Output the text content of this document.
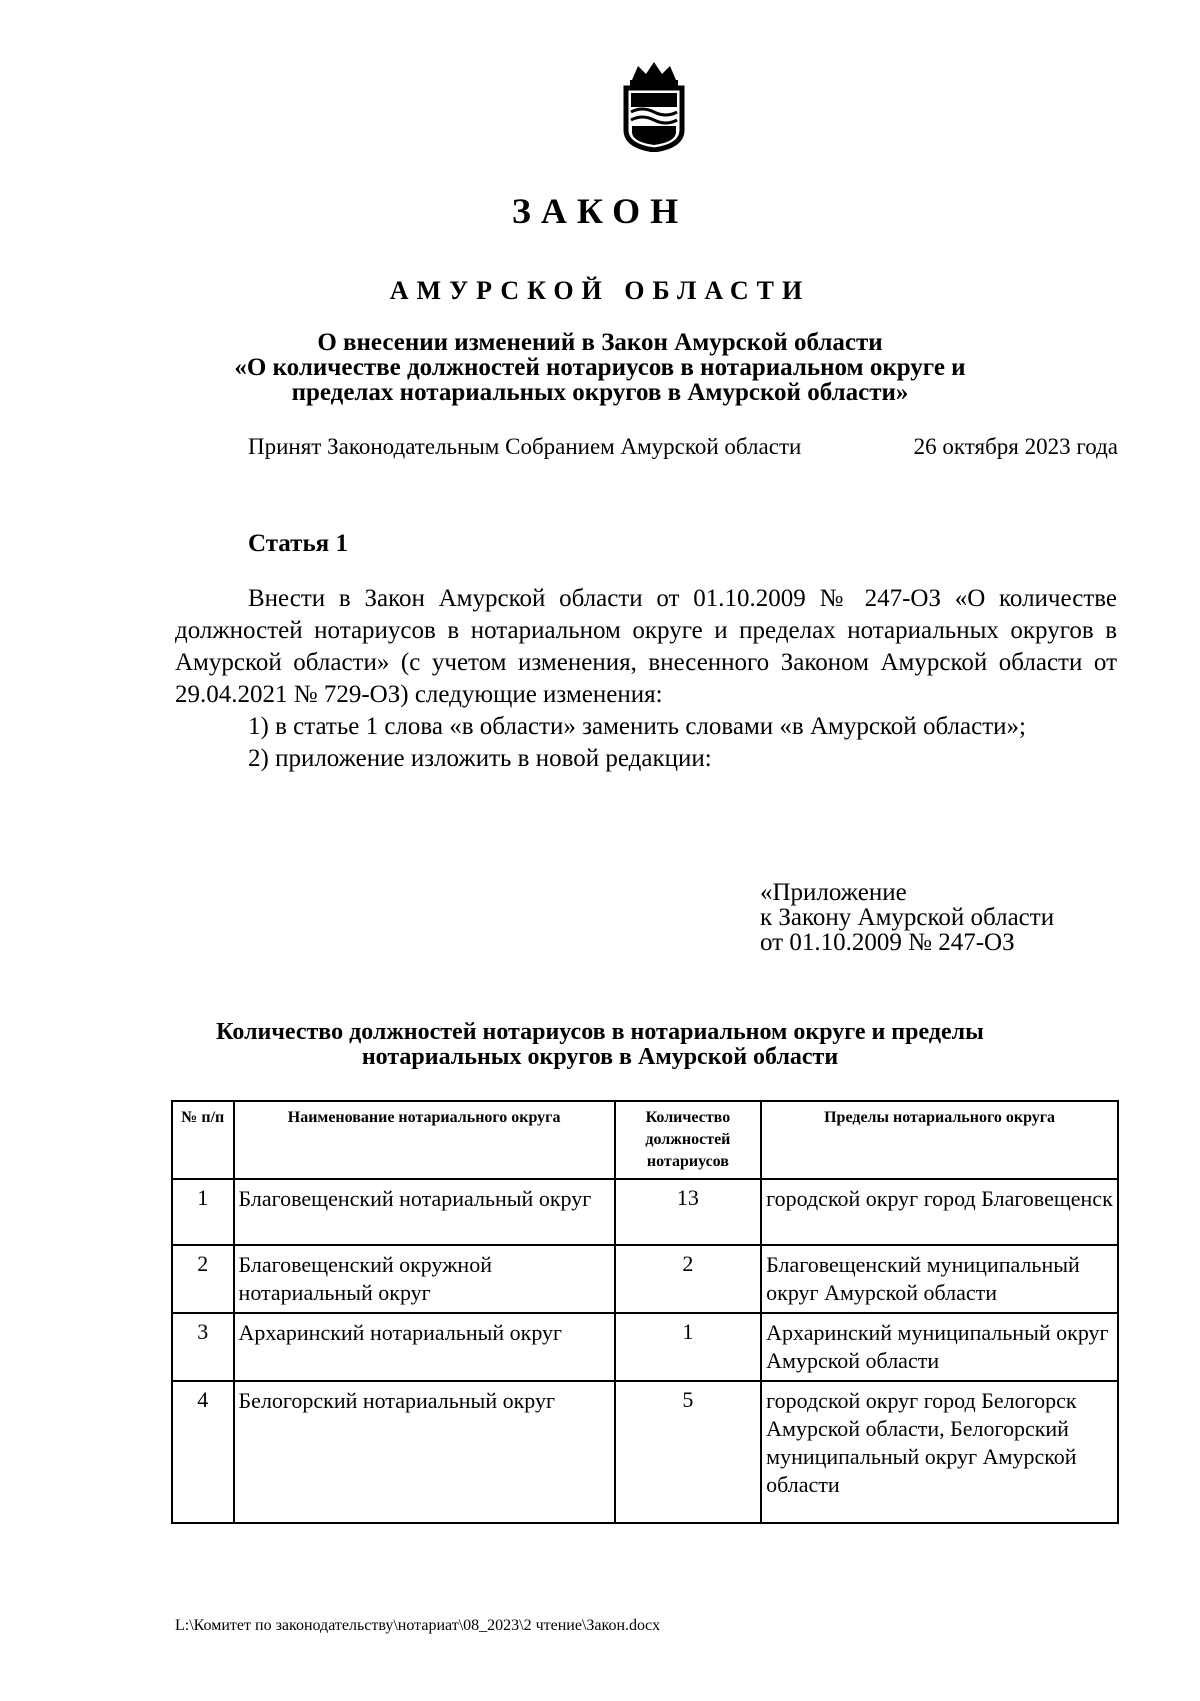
ЗАКОН
АМУРСКОЙ ОБЛАСТИ
О внесении изменений в Закон Амурской области
«О количестве должностей нотариусов в нотариальном округе и
пределах нотариальных округов в Амурской области»
Принят Законодательным Собранием Амурской области	26 октября 2023 года
Статья 1

Внести в Закон Амурской области от 01.10.2009 № 247-ОЗ «О количестве должностей нотариусов в нотариальном округе и пределах нотариальных округов в Амурской области» (с учетом изменения, внесенного Законом Амурской области от 29.04.2021 № 729-ОЗ) следующие изменения:

1) в статье 1 слова «в области» заменить словами «в Амурской области»;

2) приложение изложить в новой редакции:

«Приложение
к Закону Амурской области
от 01.10.2009 № 247-ОЗ
Количество должностей нотариусов в нотариальном округе и пределы
нотариальных округов в Амурской области
№ п/п	Наименование нотариального округа	Количество должностей нотариусов	Пределы нотариального округа
1	Благовещенский нотариальный округ	13	городской округ город Благовещенск
2	Благовещенский окружной нотариальный округ	2	Благовещенский муниципальный округ Амурской области
3	Архаринский нотариальный округ	1	Архаринский муниципальный округ Амурской области
4	Белогорский нотариальный округ	5	городской округ город Белогорск Амурской области, Белогорский муниципальный округ Амурской области
L:\Комитет по законодательству\нотариат\08_2023\2 чтение\Закон.docx
